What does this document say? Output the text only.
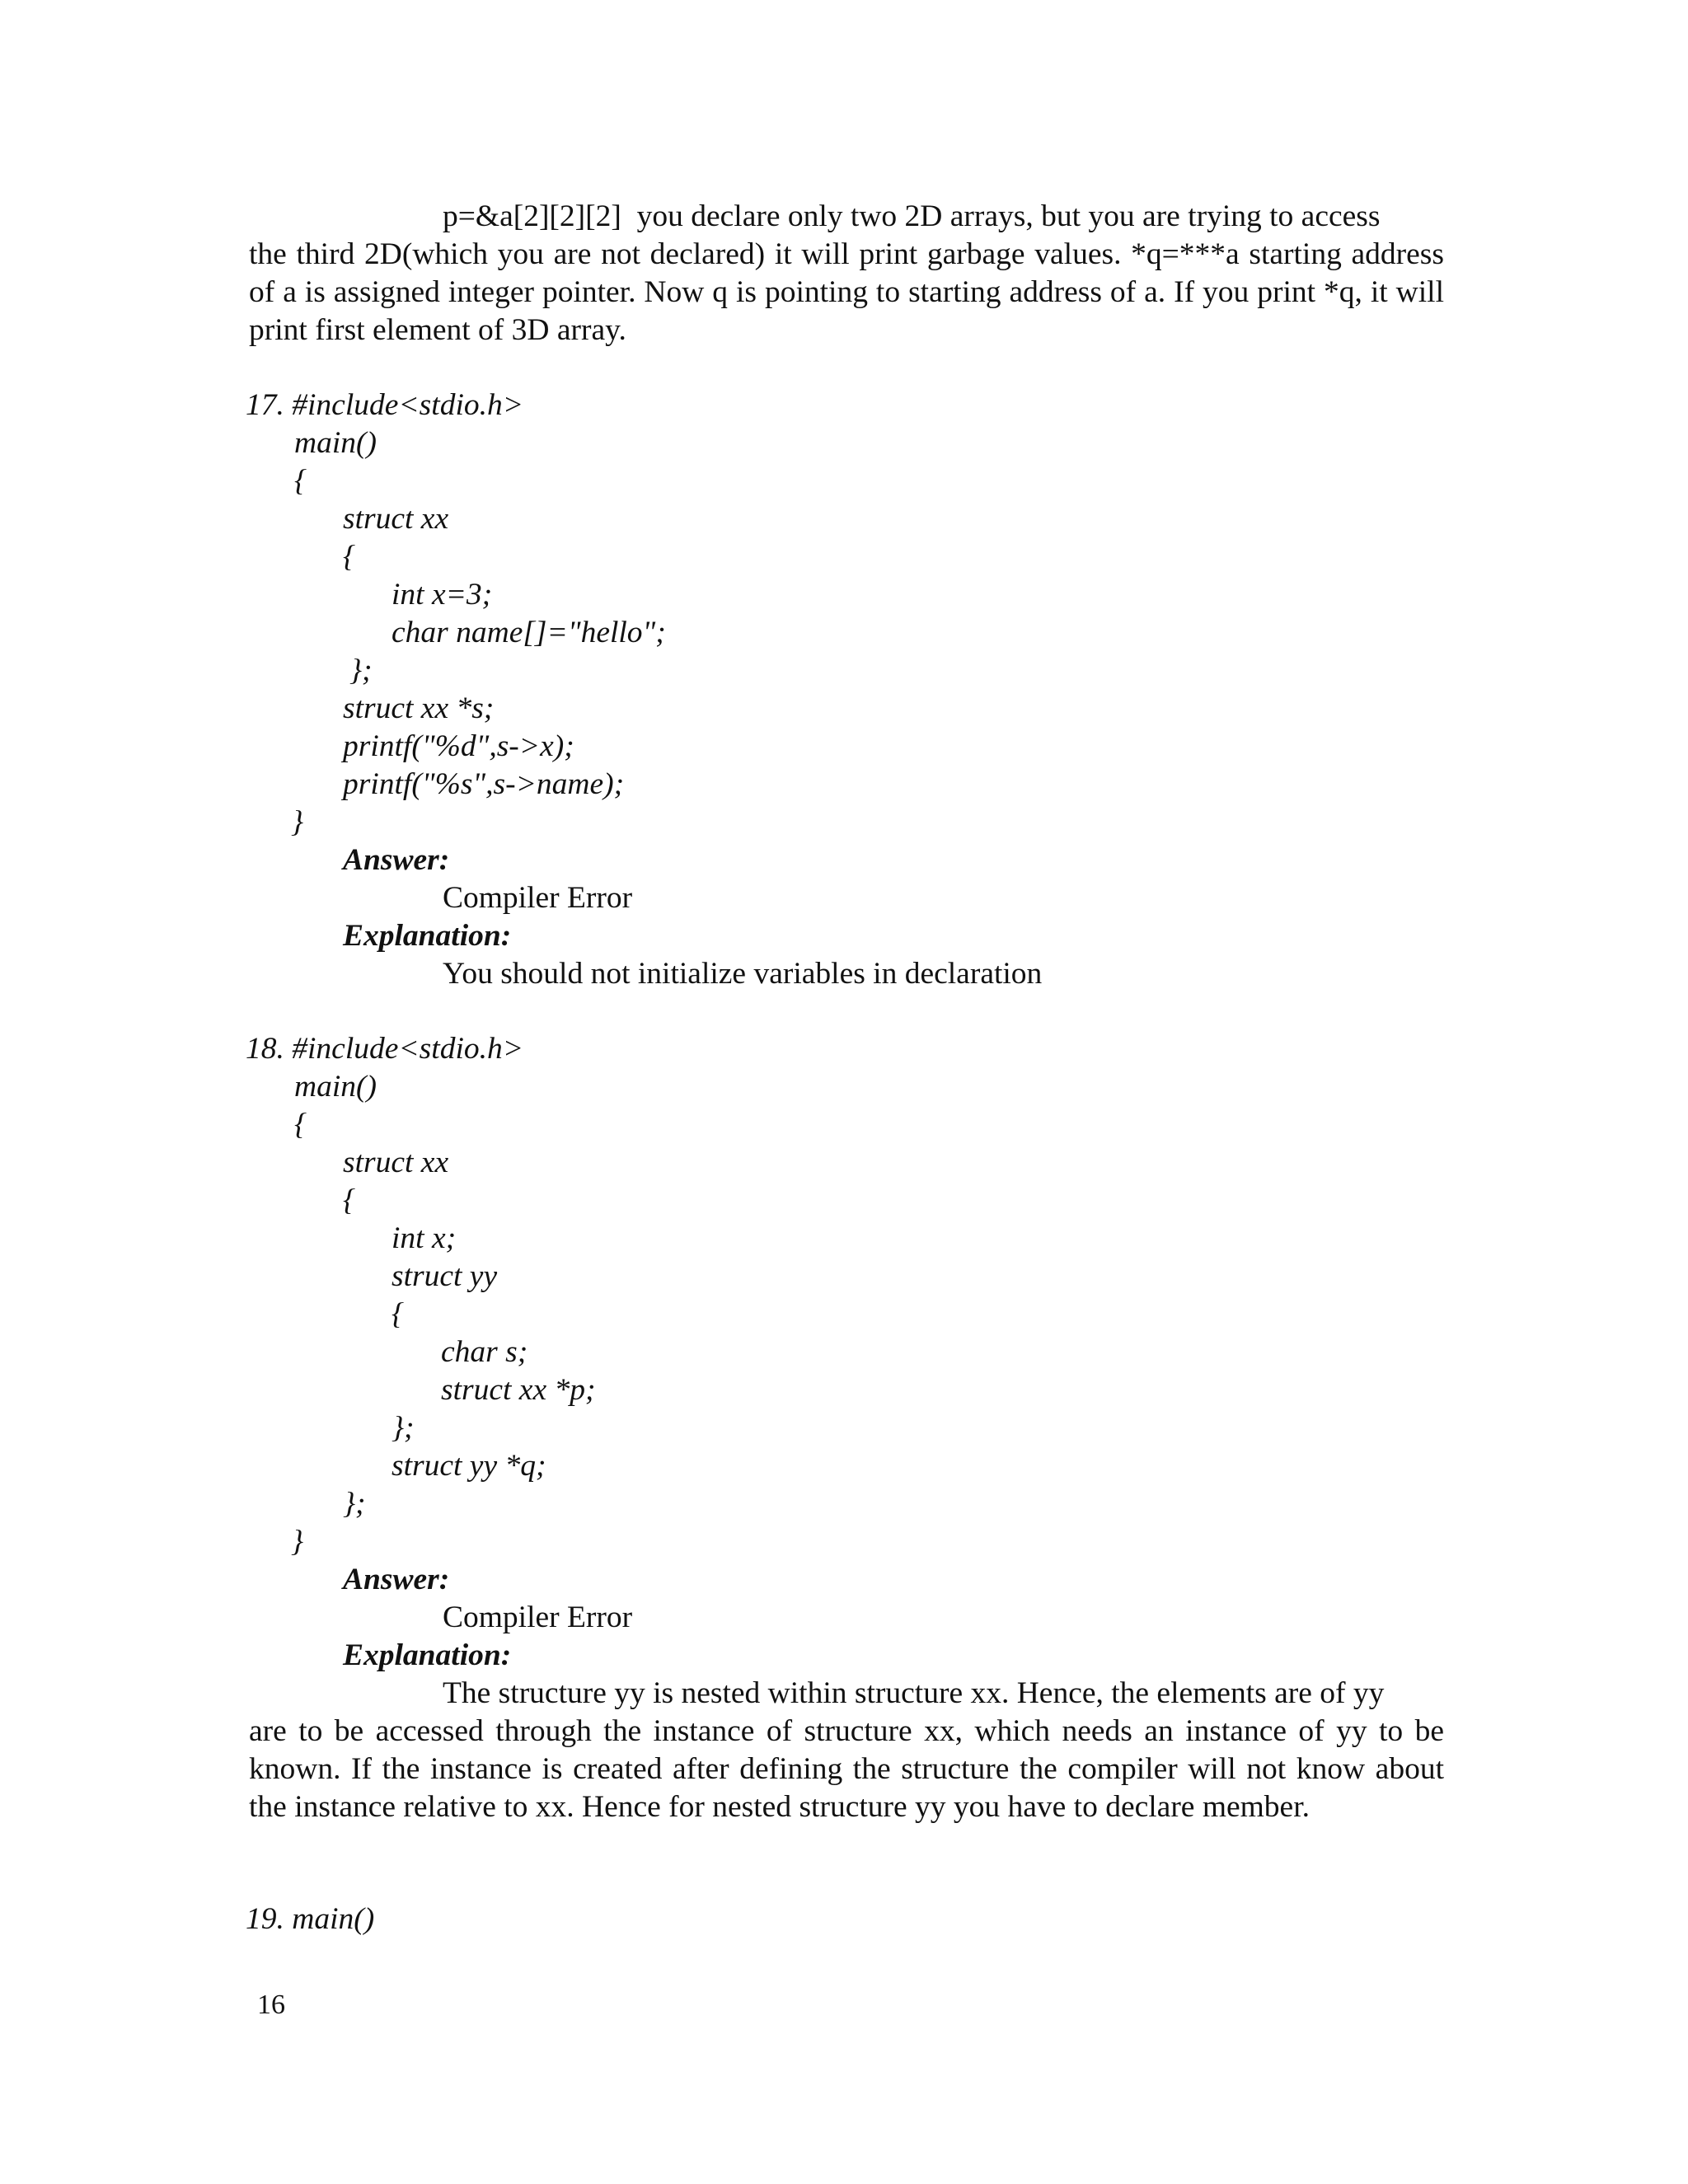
p=&a[2][2][2]  you declare only two 2D arrays, but you are trying to access
the third 2D(which you are not declared) it will print garbage values. *q=***a starting address of a is assigned integer pointer. Now q is pointing to starting address of a. If you print *q, it will print first element of 3D array.
17. #include<stdio.h>
main()
{
struct xx
{
int x=3;
char name[]="hello";
};
struct xx *s;
printf("%d",s->x);
printf("%s",s->name);
}
Answer:
Compiler Error
Explanation:
You should not initialize variables in declaration
18. #include<stdio.h>
main()
{
struct xx
{
int x;
struct yy
{
char s;
struct xx *p;
};
struct yy *q;
};
}
Answer:
Compiler Error
Explanation:
The structure yy is nested within structure xx. Hence, the elements are of yy
are to be accessed through the instance of structure xx, which needs an instance of yy to be known. If the instance is created after defining the structure the compiler will not know about the instance relative to xx. Hence for nested structure yy you have to declare member.
19. main()
16
